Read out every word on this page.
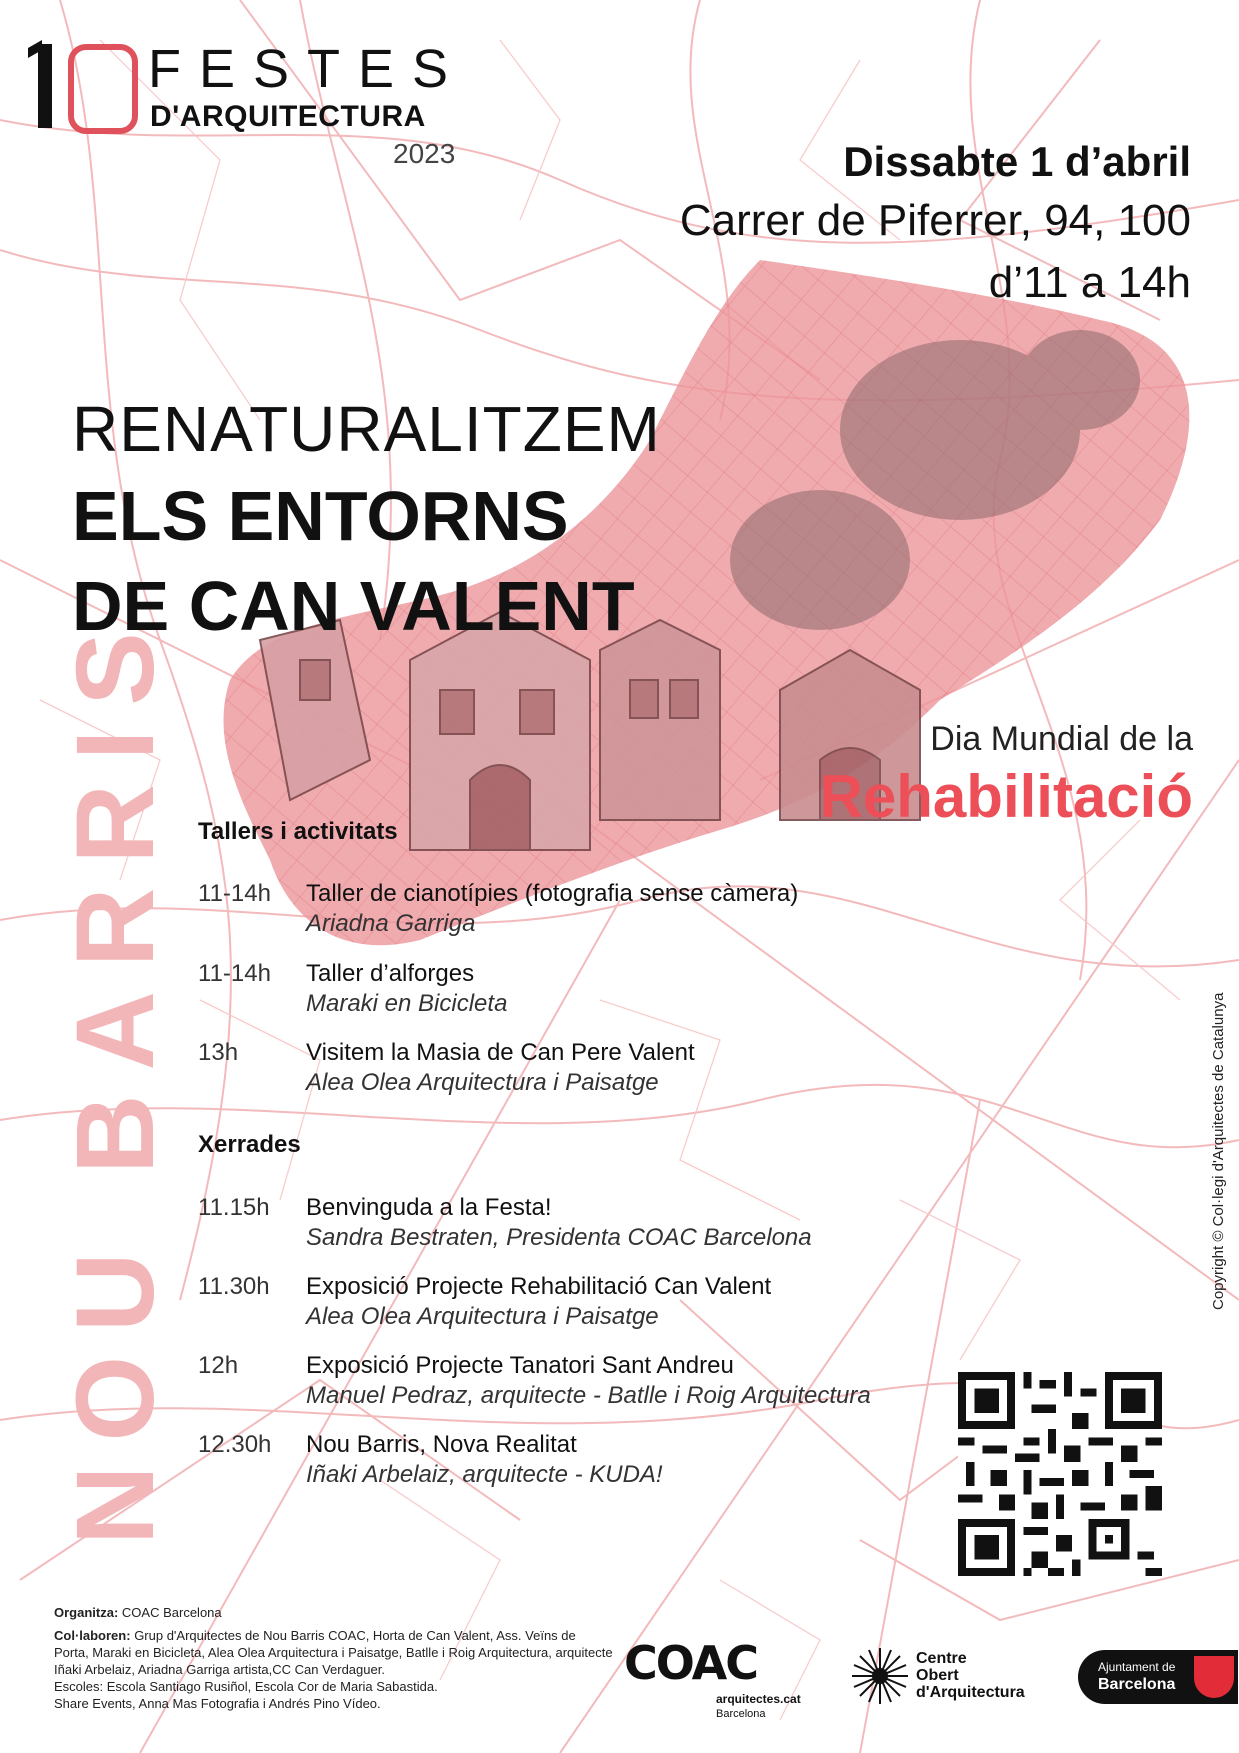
FESTES
D'ARQUITECTURA
2023	Dissabte 1 d’abril
Carrer de Piferrer, 94, 100
d’11 a 14h
RENATURALITZEM
ELS ENTORNS
DE CAN VALENT
NOU BARRIS	Dia Mundial de la
Rehabilitació
Tallers i activitats
11-14h Taller de cianotípies (fotografia sense càmera)
Ariadna Garriga
11-14h Taller d’alforges
Maraki en Bicicleta
13h	Visitem la Masia de Can Pere Valent
Alea Olea Arquitectura i Paisatge
Xerrades
11.15h Benvinguda a la Festa!
Sandra Bestraten, Presidenta COAC Barcelona
11.30h Exposició Projecte Rehabilitació Can Valent
Alea Olea Arquitectura i Paisatge
12h	Exposició Projecte Tanatori Sant Andreu
Manuel Pedraz, arquitecte - Batlle i Roig Arquitectura
12.30h Nou Barris, Nova Realitat
Iñaki Arbelaiz, arquitecte - KUDA!
Copyright © Col·legi d'Arquitectes de Catalunya

Organitza: COAC Barcelona

Col·laboren: Grup d'Arquitectes de Nou Barris COAC, Horta de Can Valent, Ass. Veïns de Porta, Maraki en Bicicleta, Alea Olea Arquitectura i Paisatge, Batlle i Roig Arquitectura, arquitecte Iñaki Arbelaiz, Ariadna Garriga artista,CC Can Verdaguer.

Escoles: Escola Santiago Rusiñol, Escola Cor de Maria Sabastida.

Share Events, Anna Mas Fotografia i Andrés Pino Vídeo.

COAC
arquitectes.cat
Barcelona
Centre
Obert
d'Arquitectura
Ajuntament de
Barcelona
